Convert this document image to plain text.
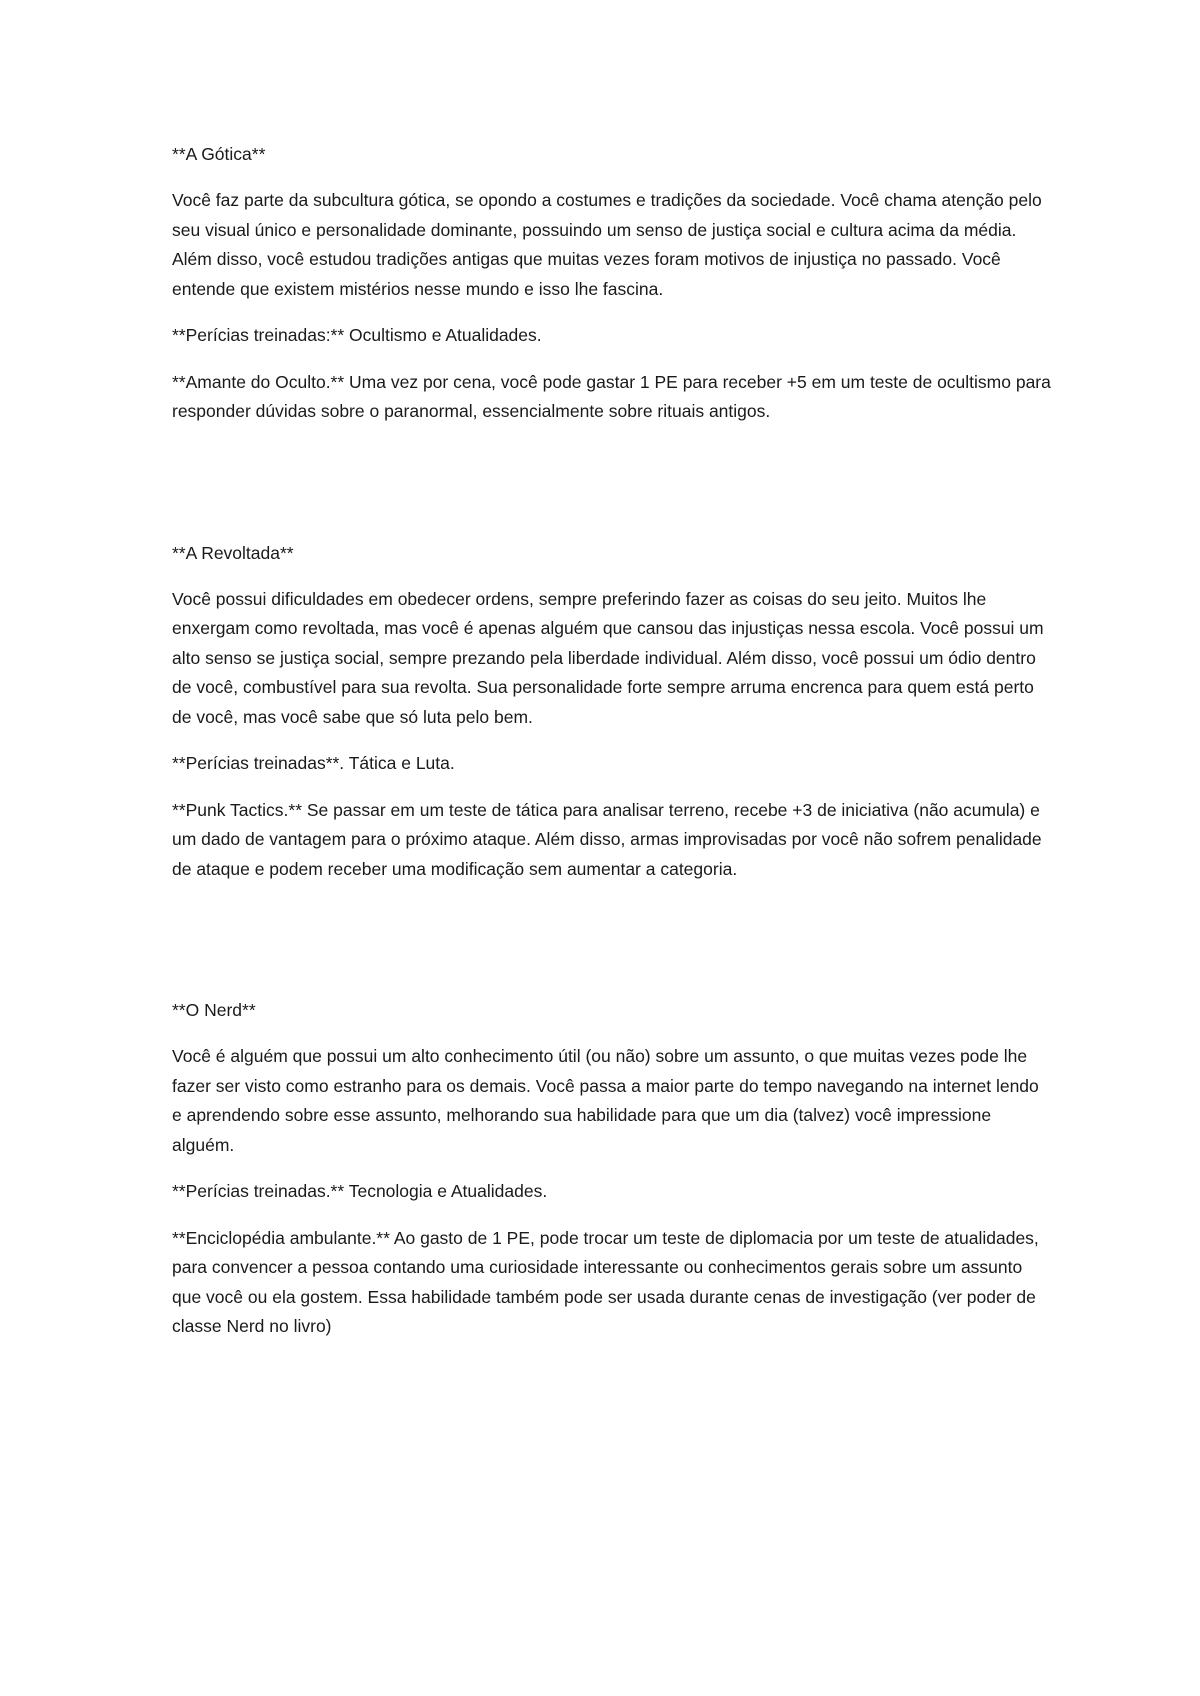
**A Gótica**

Você faz parte da subcultura gótica, se opondo a costumes e tradições da sociedade. Você chama atenção pelo seu visual único e personalidade dominante, possuindo um senso de justiça social e cultura acima da média. Além disso, você estudou tradições antigas que muitas vezes foram motivos de injustiça no passado. Você entende que existem mistérios nesse mundo e isso lhe fascina.

**Perícias treinadas:** Ocultismo e Atualidades.

**Amante do Oculto.** Uma vez por cena, você pode gastar 1 PE para receber +5 em um teste de ocultismo para responder dúvidas sobre o paranormal, essencialmente sobre rituais antigos.

**A Revoltada**

Você possui dificuldades em obedecer ordens, sempre preferindo fazer as coisas do seu jeito. Muitos lhe enxergam como revoltada, mas você é apenas alguém que cansou das injustiças nessa escola. Você possui um alto senso se justiça social, sempre prezando pela liberdade individual. Além disso, você possui um ódio dentro de você, combustível para sua revolta. Sua personalidade forte sempre arruma encrenca para quem está perto de você, mas você sabe que só luta pelo bem.

**Perícias treinadas**. Tática e Luta.

**Punk Tactics.** Se passar em um teste de tática para analisar terreno, recebe +3 de iniciativa (não acumula) e um dado de vantagem para o próximo ataque. Além disso, armas improvisadas por você não sofrem penalidade de ataque e podem receber uma modificação sem aumentar a categoria.

**O Nerd**

Você é alguém que possui um alto conhecimento útil (ou não) sobre um assunto, o que muitas vezes pode lhe fazer ser visto como estranho para os demais. Você passa a maior parte do tempo navegando na internet lendo e aprendendo sobre esse assunto, melhorando sua habilidade para que um dia (talvez) você impressione alguém.

**Perícias treinadas.** Tecnologia e Atualidades.

**Enciclopédia ambulante.** Ao gasto de 1 PE, pode trocar um teste de diplomacia por um teste de atualidades, para convencer a pessoa contando uma curiosidade interessante ou conhecimentos gerais sobre um assunto que você ou ela gostem. Essa habilidade também pode ser usada durante cenas de investigação (ver poder de classe Nerd no livro)
